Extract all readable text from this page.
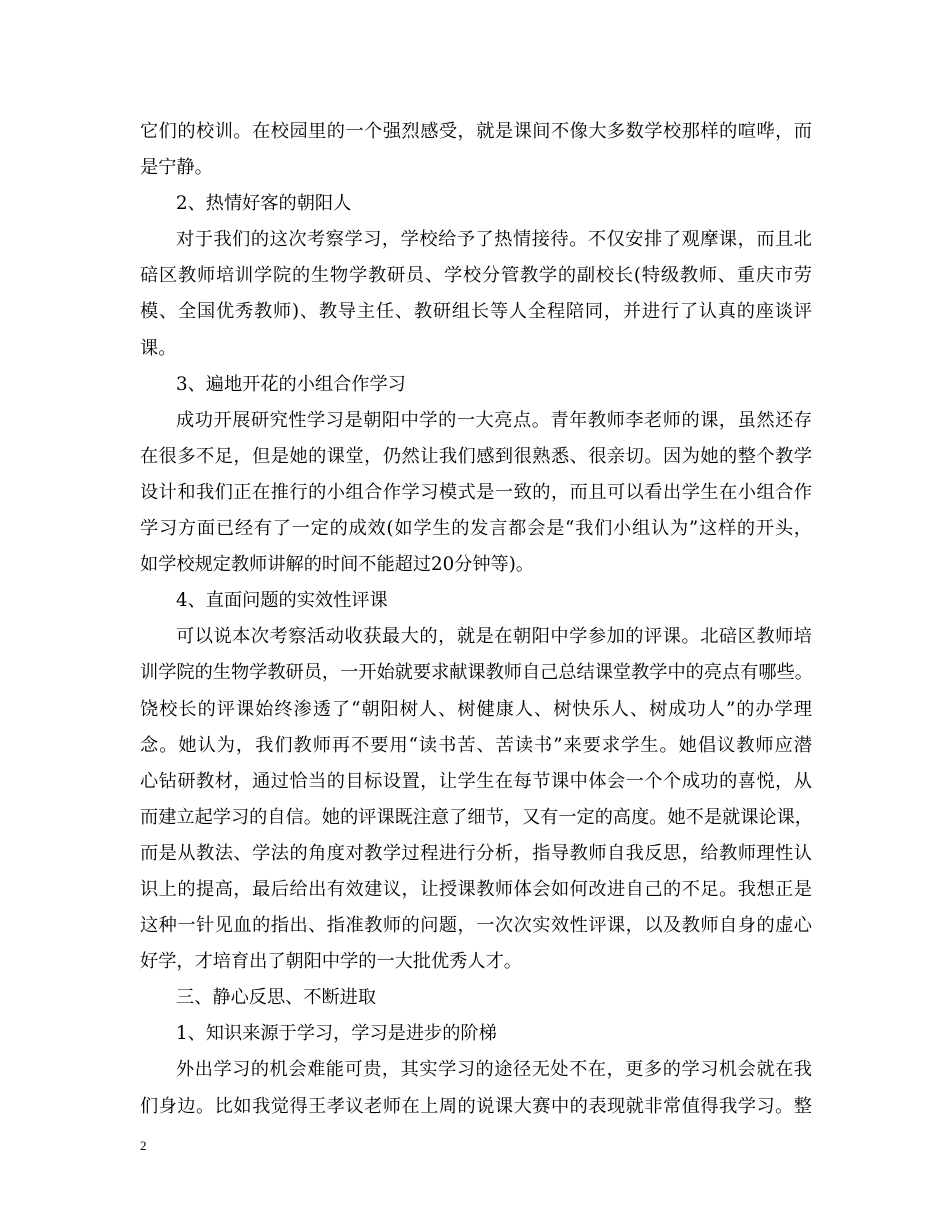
它们的校训。在校园里的一个强烈感受，就是课间不像大多数学校那样的喧哗，而
是宁静。
2、热情好客的朝阳人
对于我们的这次考察学习，学校给予了热情接待。不仅安排了观摩课，而且北
碚区教师培训学院的生物学教研员、学校分管教学的副校长(特级教师、重庆市劳
模、全国优秀教师)、教导主任、教研组长等人全程陪同，并进行了认真的座谈评
课。
3、遍地开花的小组合作学习
成功开展研究性学习是朝阳中学的一大亮点。青年教师李老师的课，虽然还存
在很多不足，但是她的课堂，仍然让我们感到很熟悉、很亲切。因为她的整个教学
设计和我们正在推行的小组合作学习模式是一致的，而且可以看出学生在小组合作
学习方面已经有了一定的成效(如学生的发言都会是“我们小组认为”这样的开头，
如学校规定教师讲解的时间不能超过20分钟等)。
4、直面问题的实效性评课
可以说本次考察活动收获最大的，就是在朝阳中学参加的评课。北碚区教师培
训学院的生物学教研员，一开始就要求献课教师自己总结课堂教学中的亮点有哪些。
饶校长的评课始终渗透了“朝阳树人、树健康人、树快乐人、树成功人”的办学理
念。她认为，我们教师再不要用“读书苦、苦读书”来要求学生。她倡议教师应潜
心钻研教材，通过恰当的目标设置，让学生在每节课中体会一个个成功的喜悦，从
而建立起学习的自信。她的评课既注意了细节，又有一定的高度。她不是就课论课，
而是从教法、学法的角度对教学过程进行分析，指导教师自我反思，给教师理性认
识上的提高，最后给出有效建议，让授课教师体会如何改进自己的不足。我想正是
这种一针见血的指出、指准教师的问题，一次次实效性评课，以及教师自身的虚心
好学，才培育出了朝阳中学的一大批优秀人才。
三、静心反思、不断进取
1、知识来源于学习，学习是进步的阶梯
外出学习的机会难能可贵，其实学习的途径无处不在，更多的学习机会就在我
们身边。比如我觉得王孝议老师在上周的说课大赛中的表现就非常值得我学习。整
2
